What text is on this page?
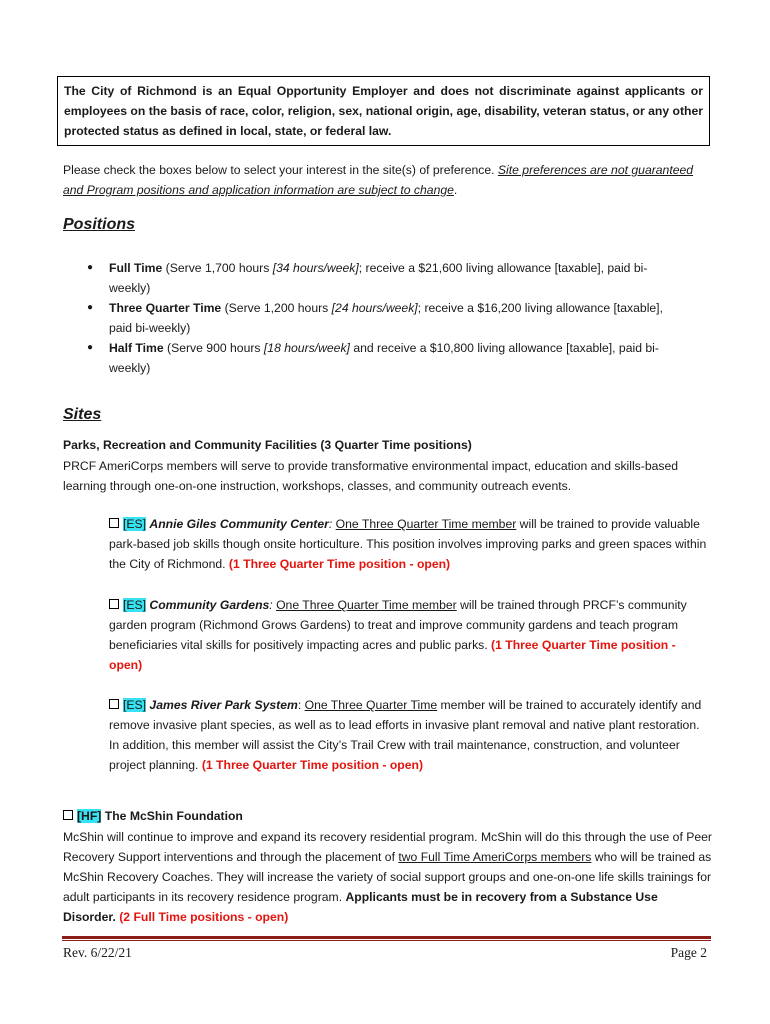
The City of Richmond is an Equal Opportunity Employer and does not discriminate against applicants or employees on the basis of race, color, religion, sex, national origin, age, disability, veteran status, or any other protected status as defined in local, state, or federal law.
Please check the boxes below to select your interest in the site(s) of preference. Site preferences are not guaranteed and Program positions and application information are subject to change.
Positions
● Full Time (Serve 1,700 hours [34 hours/week]; receive a $21,600 living allowance [taxable], paid bi-weekly)
● Three Quarter Time (Serve 1,200 hours [24 hours/week]; receive a $16,200 living allowance [taxable], paid bi-weekly)
● Half Time (Serve 900 hours [18 hours/week] and receive a $10,800 living allowance [taxable], paid bi-weekly)
Sites
Parks, Recreation and Community Facilities (3 Quarter Time positions)
PRCF AmeriCorps members will serve to provide transformative environmental impact, education and skills-based learning through one-on-one instruction, workshops, classes, and community outreach events.
[ES] Annie Giles Community Center: One Three Quarter Time member will be trained to provide valuable park-based job skills though onsite horticulture. This position involves improving parks and green spaces within the City of Richmond. (1 Three Quarter Time position - open)
[ES] Community Gardens: One Three Quarter Time member will be trained through PRCF’s community garden program (Richmond Grows Gardens) to treat and improve community gardens and teach program beneficiaries vital skills for positively impacting acres and public parks. (1 Three Quarter Time position - open)
[ES] James River Park System: One Three Quarter Time member will be trained to accurately identify and remove invasive plant species, as well as to lead efforts in invasive plant removal and native plant restoration. In addition, this member will assist the City’s Trail Crew with trail maintenance, construction, and volunteer project planning. (1 Three Quarter Time position - open)
[HF] The McShin Foundation
McShin will continue to improve and expand its recovery residential program. McShin will do this through the use of Peer Recovery Support interventions and through the placement of two Full Time AmeriCorps members who will be trained as McShin Recovery Coaches. They will increase the variety of social support groups and one-on-one life skills trainings for adult participants in its recovery residence program. Applicants must be in recovery from a Substance Use Disorder. (2 Full Time positions - open)
Rev. 6/22/21	Page 2
